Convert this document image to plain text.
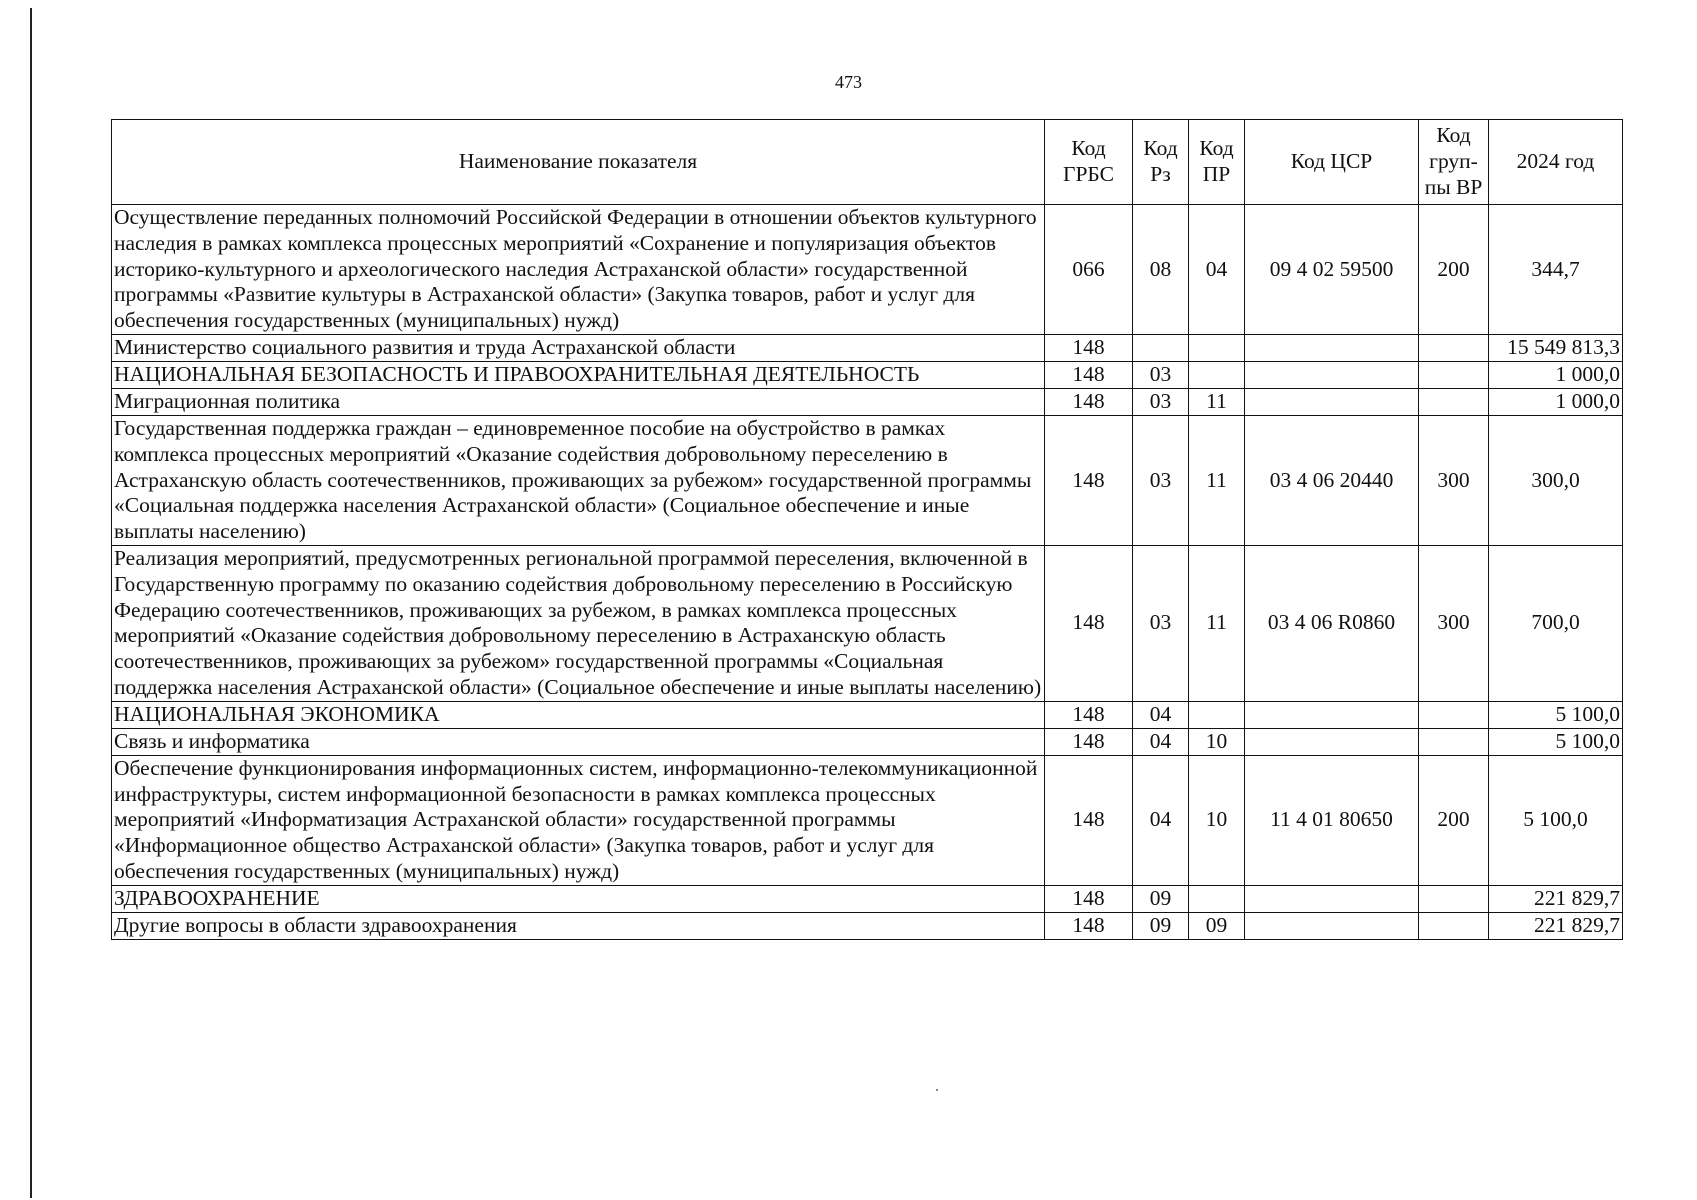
473
Наименование показателя	Код ГРБС	Код Рз	Код ПР	Код ЦСР	Код груп-пы ВР	2024 год
Осуществление переданных полномочий Российской Федерации в отношении объектов культурного наследия в рамках комплекса процессных мероприятий «Сохранение и популяризация объектов историко-культурного и археологического наследия Астраханской области» государственной программы «Развитие культуры в Астраханской области» (Закупка товаров, работ и услуг для обеспечения государственных (муниципальных) нужд)	066	08	04	09 4 02 59500	200	344,7
Министерство социального развития и труда Астраханской области	148					15 549 813,3
НАЦИОНАЛЬНАЯ БЕЗОПАСНОСТЬ И ПРАВООХРАНИТЕЛЬНАЯ ДЕЯТЕЛЬНОСТЬ	148	03				1 000,0
Миграционная политика	148	03	11			1 000,0
Государственная поддержка граждан – единовременное пособие на обустройство в рамках комплекса процессных мероприятий «Оказание содействия добровольному переселению в Астраханскую область соотечественников, проживающих за рубежом» государственной программы «Социальная поддержка населения Астраханской области» (Социальное обеспечение и иные выплаты населению)	148	03	11	03 4 06 20440	300	300,0
Реализация мероприятий, предусмотренных региональной программой переселения, включенной в Государственную программу по оказанию содействия добровольному переселению в Российскую Федерацию соотечественников, проживающих за рубежом, в рамках комплекса процессных мероприятий «Оказание содействия добровольному переселению в Астраханскую область соотечественников, проживающих за рубежом» государственной программы «Социальная поддержка населения Астраханской области» (Социальное обеспечение и иные выплаты населению)	148	03	11	03 4 06 R0860	300	700,0
НАЦИОНАЛЬНАЯ ЭКОНОМИКА	148	04				5 100,0
Связь и информатика	148	04	10			5 100,0
Обеспечение функционирования информационных систем, информационно-телекоммуникационной инфраструктуры, систем информационной безопасности в рамках комплекса процессных мероприятий «Информатизация Астраханской области» государственной программы «Информационное общество Астраханской области» (Закупка товаров, работ и услуг для обеспечения государственных (муниципальных) нужд)	148	04	10	11 4 01 80650	200	5 100,0
ЗДРАВООХРАНЕНИЕ	148	09				221 829,7
Другие вопросы в области здравоохранения	148	09	09			221 829,7
